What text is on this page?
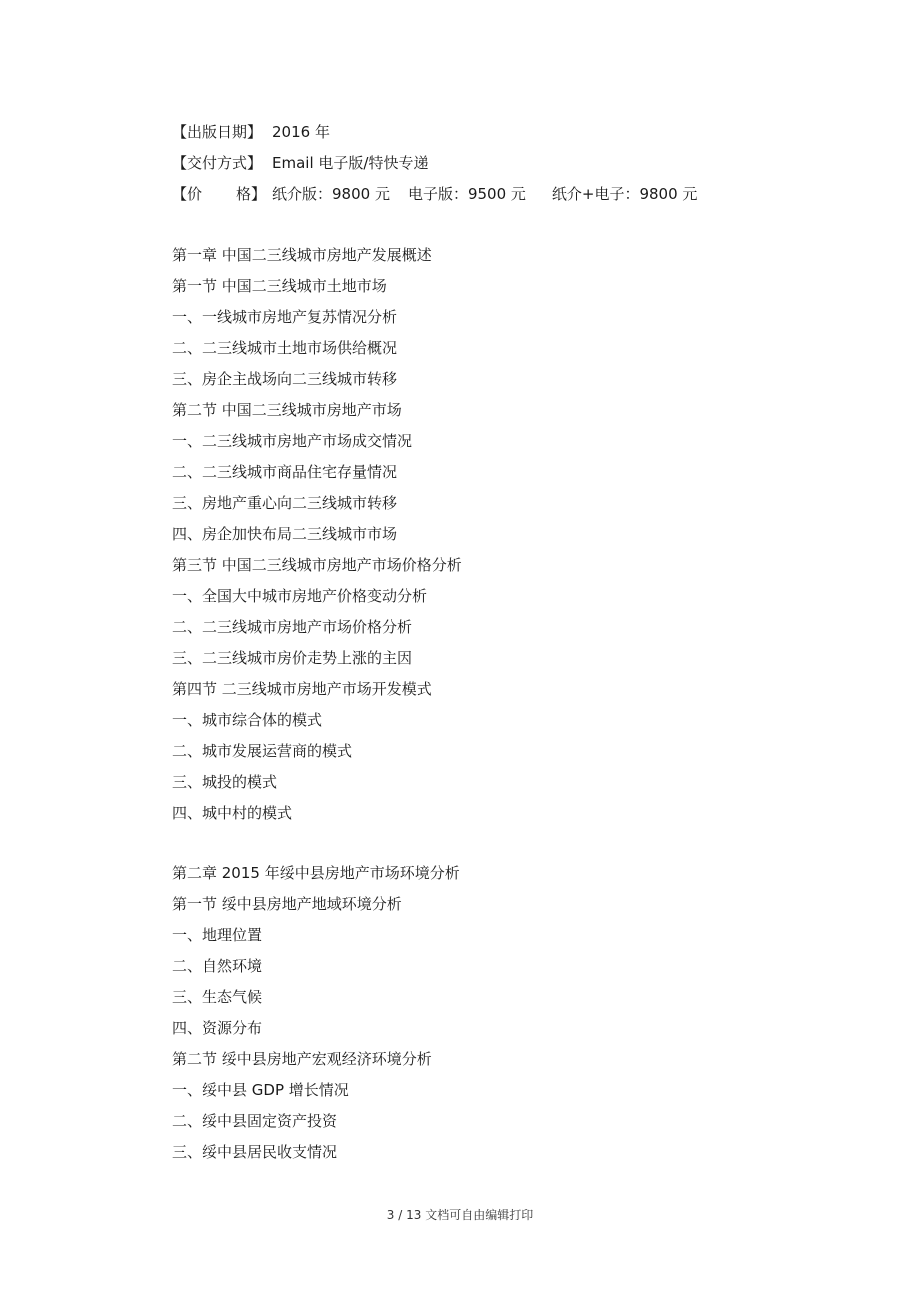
【出版日期】 2016 年
【交付方式】 Email 电子版/特快专递
【价 格】 纸介版：9800 元 电子版：9500 元 纸介+电子：9800 元
第一章 中国二三线城市房地产发展概述
第一节 中国二三线城市土地市场
一、一线城市房地产复苏情况分析
二、二三线城市土地市场供给概况
三、房企主战场向二三线城市转移
第二节 中国二三线城市房地产市场
一、二三线城市房地产市场成交情况
二、二三线城市商品住宅存量情况
三、房地产重心向二三线城市转移
四、房企加快布局二三线城市市场
第三节 中国二三线城市房地产市场价格分析
一、全国大中城市房地产价格变动分析
二、二三线城市房地产市场价格分析
三、二三线城市房价走势上涨的主因
第四节 二三线城市房地产市场开发模式
一、城市综合体的模式
二、城市发展运营商的模式
三、城投的模式
四、城中村的模式
第二章 2015 年绥中县房地产市场环境分析
第一节 绥中县房地产地域环境分析
一、地理位置
二、自然环境
三、生态气候
四、资源分布
第二节 绥中县房地产宏观经济环境分析
一、绥中县 GDP 增长情况
二、绥中县固定资产投资
三、绥中县居民收支情况
3 / 13 文档可自由编辑打印
